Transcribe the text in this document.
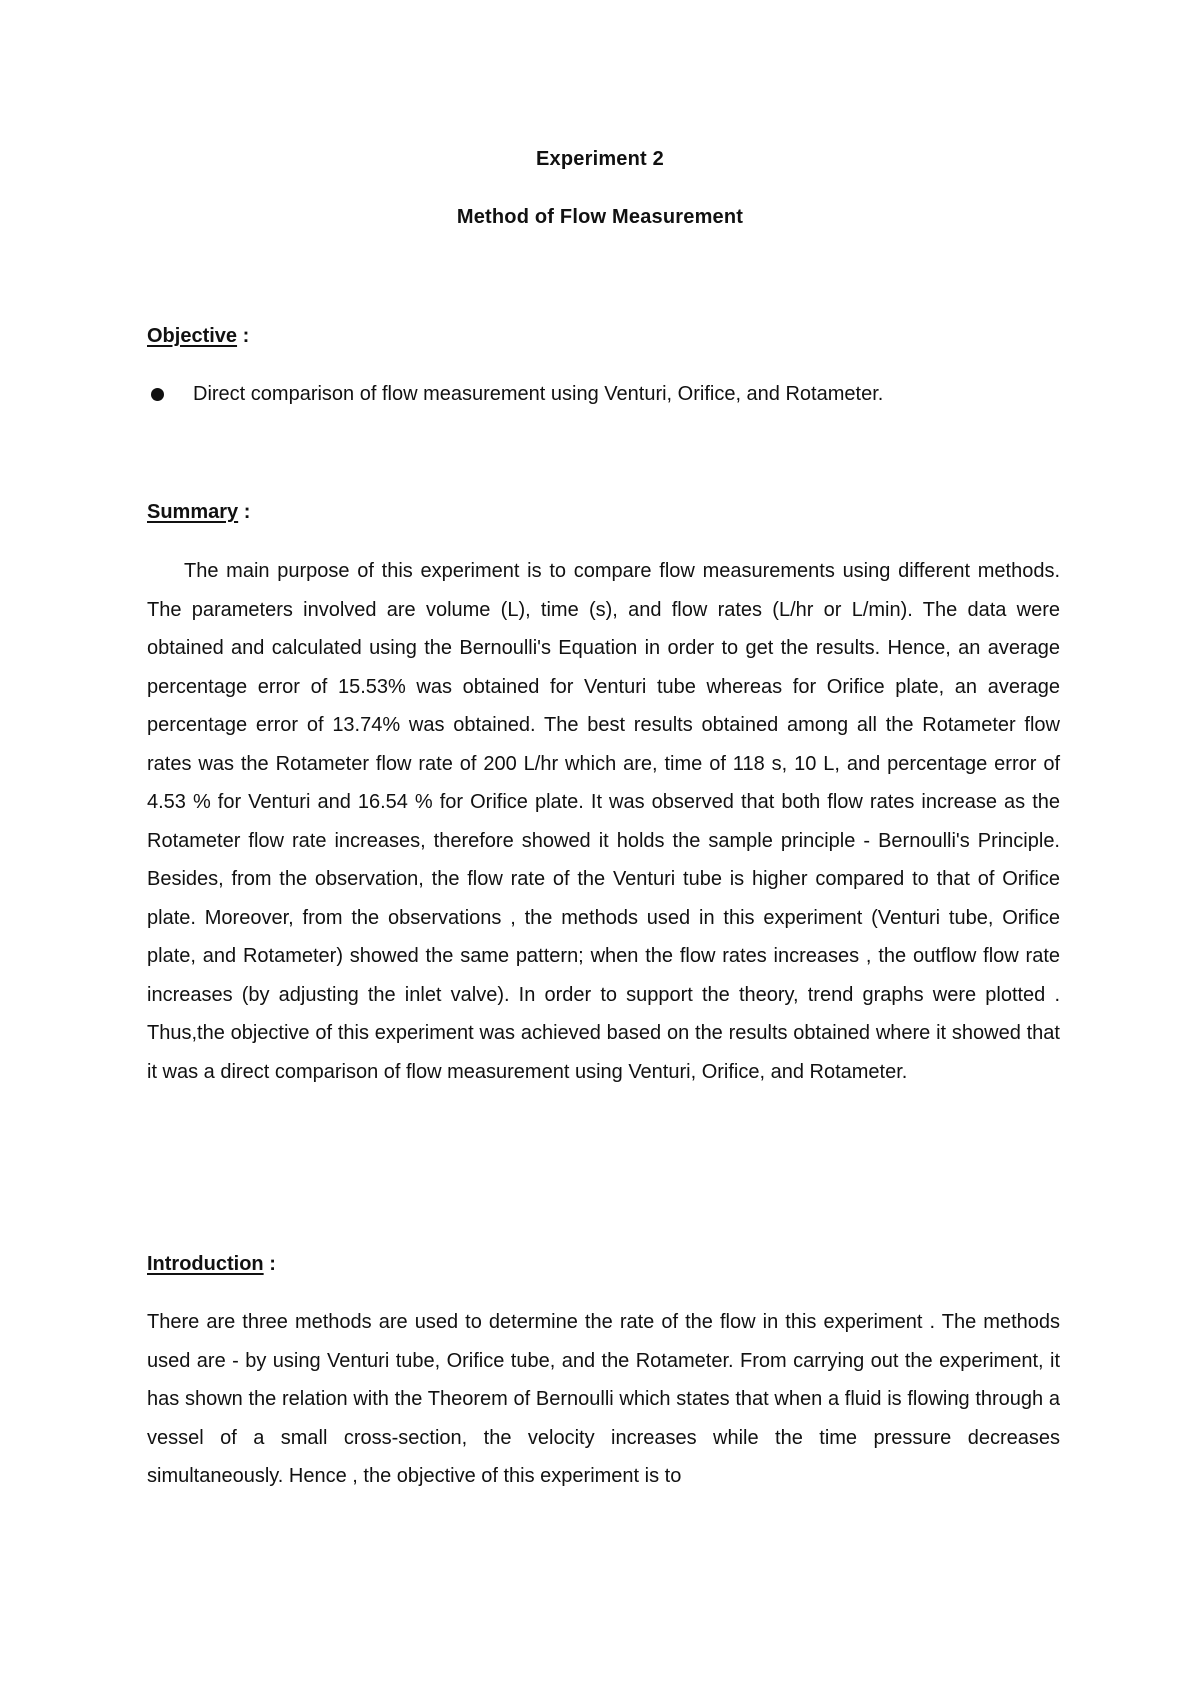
Experiment 2
Method of Flow Measurement
Objective :
Direct comparison of flow measurement using Venturi, Orifice, and Rotameter.
Summary :
The main purpose of this experiment is to compare flow measurements using different methods. The parameters involved are volume (L), time (s), and flow rates (L/hr or L/min). The data were obtained and calculated using the Bernoulli's Equation in order to get the results. Hence, an average percentage error of 15.53% was obtained for Venturi tube whereas for Orifice plate, an average percentage error of 13.74% was obtained. The best results obtained among all the Rotameter flow rates was the Rotameter flow rate of 200 L/hr which are, time of 118 s, 10 L, and percentage error of 4.53 % for Venturi and 16.54 % for Orifice plate. It was observed that both flow rates increase as the Rotameter flow rate increases, therefore showed it holds the sample principle - Bernoulli's Principle. Besides, from the observation, the flow rate of the Venturi tube is higher compared to that of Orifice plate. Moreover, from the observations , the methods used in this experiment (Venturi tube, Orifice plate, and Rotameter) showed the same pattern; when the flow rates increases , the outflow flow rate increases (by adjusting the inlet valve). In order to support the theory, trend graphs were plotted . Thus,the objective of this experiment was achieved based on the results obtained where it showed that it was a direct comparison of flow measurement using Venturi, Orifice, and Rotameter.
Introduction :
There are three methods are used to determine the rate of the flow in this experiment . The methods used are - by using Venturi tube, Orifice tube, and the Rotameter. From carrying out the experiment, it has shown the relation with the Theorem of Bernoulli which states that when a fluid is flowing through a vessel of a small cross-section, the velocity increases while the time pressure decreases simultaneously. Hence , the objective of this experiment is to
